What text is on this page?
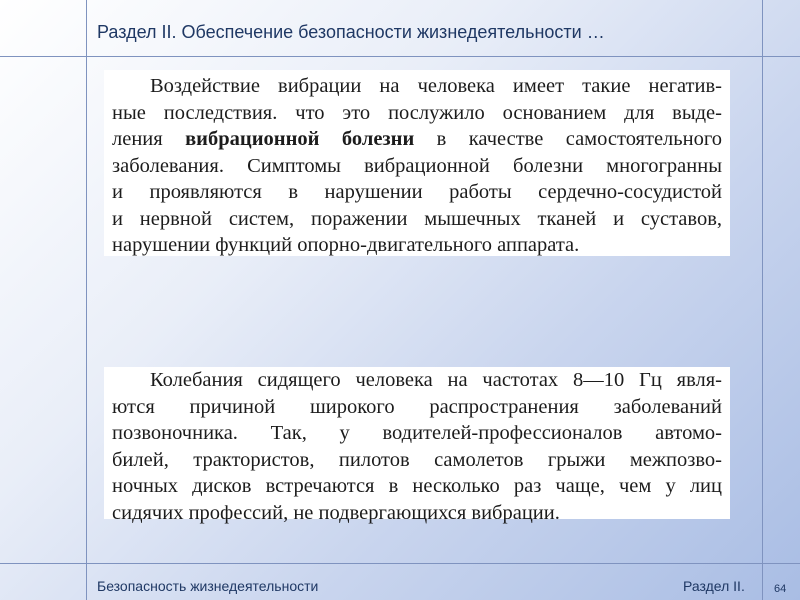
Раздел II. Обеспечение безопасности жизнедеятельности …

Воздействие вибрации на человека имеет такие негатив-
ные последствия. что это послужило основанием для выде-
ления вибрационной болезни в качестве самостоятельного
заболевания. Симптомы вибрационной болезни многогранны
и проявляются в нарушении работы сердечно-сосудистой
и нервной систем, поражении мышечных тканей и суставов,
нарушении функций опорно-двигательного аппарата.

Колебания сидящего человека на частотах 8—10 Гц явля-
ются причиной широкого распространения заболеваний
позвоночника. Так, у водителей-профессионалов автомо-
билей, трактористов, пилотов самолетов грыжи межпозво-
ночных дисков встречаются в несколько раз чаще, чем у лиц
сидячих профессий, не подвергающихся вибрации.

Безопасность жизнедеятельности	Раздел II.	64
